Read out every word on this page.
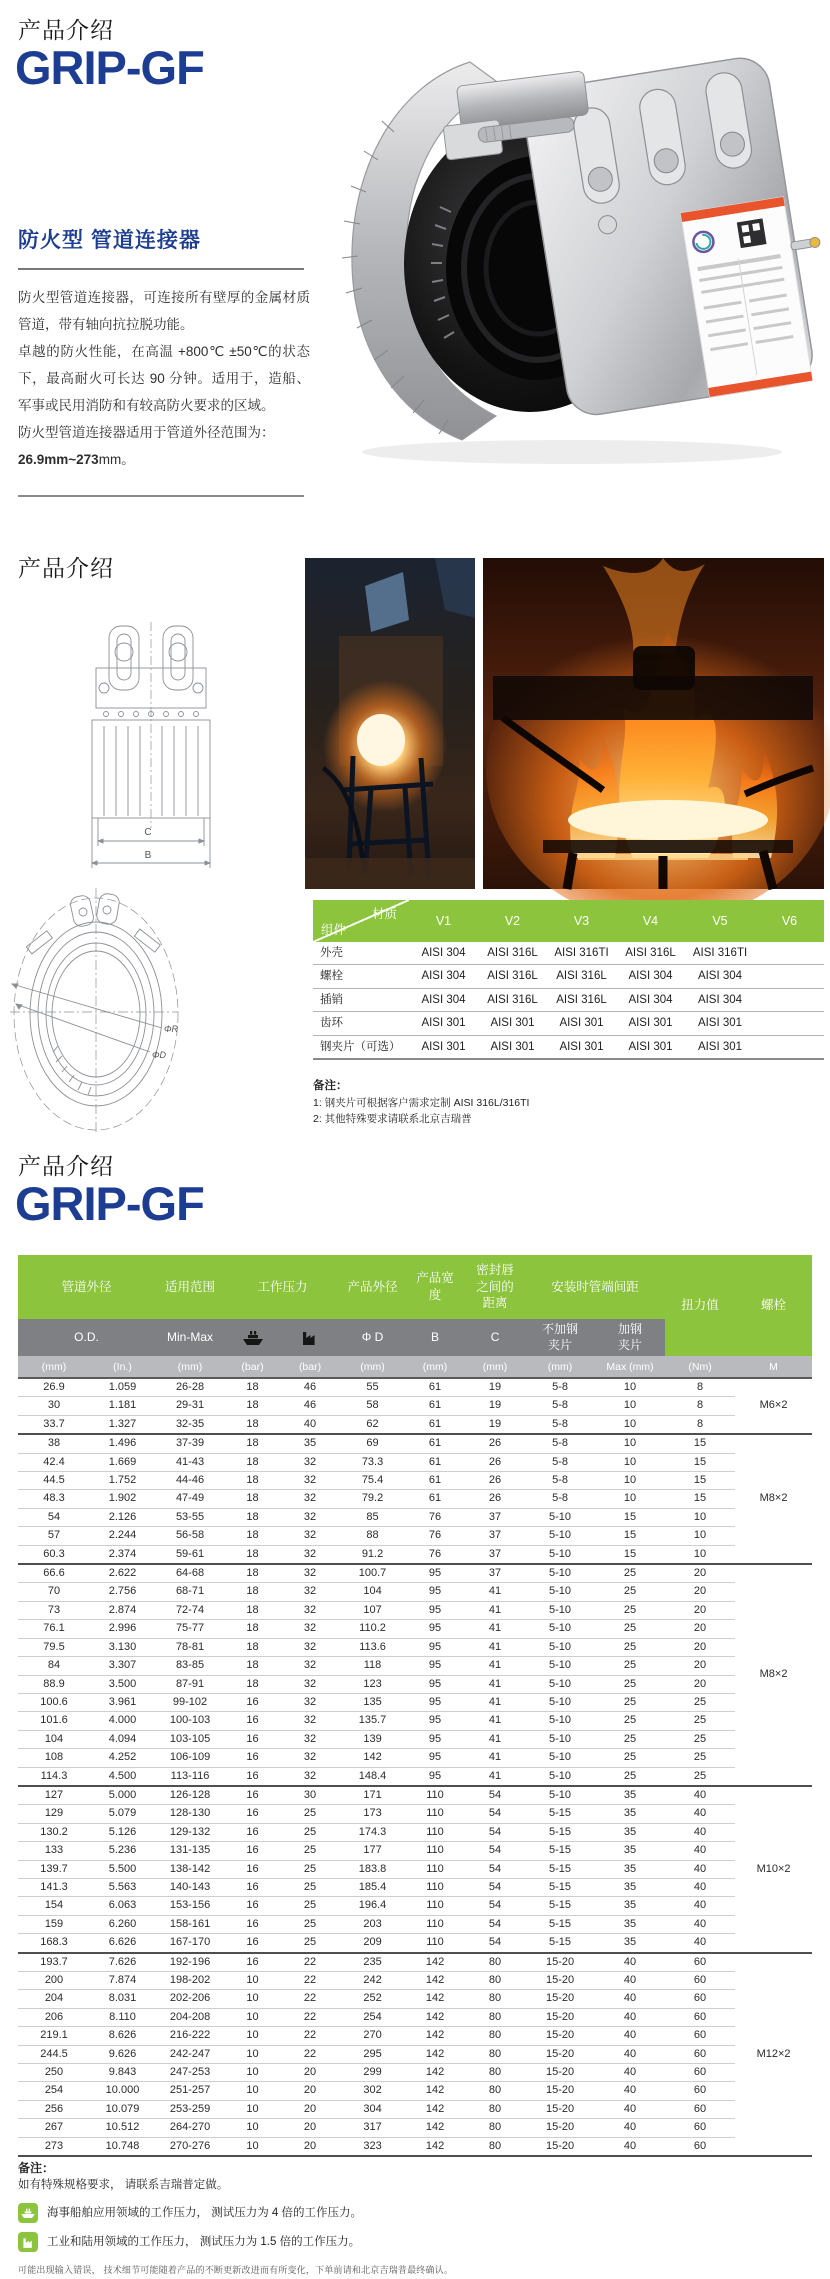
产品介绍
GRIP-GF
防火型 管道连接器

防火型管道连接器，可连接所有壁厚的金属材质管道，带有轴向抗拉脱功能。

卓越的防火性能，在高温 +800℃ ±50℃的状态下，最高耐火可长达 90 分钟。适用于，造船、军事或民用消防和有较高防火要求的区域。

防火型管道连接器适用于管道外径范围为：

26.9mm~273mm。

产品介绍
C
B
ΦR
ΦD
材质
组件	V1	V2	V3	V4	V5	V6
外壳	AISI 304	AISI 316L	AISI 316TI	AISI 316L	AISI 316TI	
螺栓	AISI 304	AISI 316L	AISI 316L	AISI 304	AISI 304	
插销	AISI 304	AISI 316L	AISI 316L	AISI 304	AISI 304	
齿环	AISI 301	AISI 301	AISI 301	AISI 301	AISI 301	
钢夹片（可选）	AISI 301	AISI 301	AISI 301	AISI 301	AISI 301	
备注：
1: 钢夹片可根据客户需求定制 AISI 316L/316TI
2: 其他特殊要求请联系北京吉瑞普
产品介绍
GRIP-GF
管道外径		适用范围	工作压力		产品外径	产品宽度	密封唇之间的距离	安装时管端间距		扭力值	螺栓
O.D.		Min-Max			Φ D	B	C	不加钢夹片	加钢夹片		
(mm)	(In.)	(mm)	(bar)	(bar)	(mm)	(mm)	(mm)	(mm)	Max (mm)	(Nm)	M
26.9	1.059	26-28	18	46	55	61	19	5-8	10	8	M6×2
30	1.181	29-31	18	46	58	61	19	5-8	10	8	
33.7	1.327	32-35	18	40	62	61	19	5-8	10	8	
38	1.496	37-39	18	35	69	61	26	5-8	10	15	M8×2
42.4	1.669	41-43	18	32	73.3	61	26	5-8	10	15	
44.5	1.752	44-46	18	32	75.4	61	26	5-8	10	15	
48.3	1.902	47-49	18	32	79.2	61	26	5-8	10	15	
54	2.126	53-55	18	32	85	76	37	5-10	15	10	
57	2.244	56-58	18	32	88	76	37	5-10	15	10	
60.3	2.374	59-61	18	32	91.2	76	37	5-10	15	10	
66.6	2.622	64-68	18	32	100.7	95	37	5-10	25	20	M8×2
70	2.756	68-71	18	32	104	95	41	5-10	25	20	
73	2.874	72-74	18	32	107	95	41	5-10	25	20	
76.1	2.996	75-77	18	32	110.2	95	41	5-10	25	20	
79.5	3.130	78-81	18	32	113.6	95	41	5-10	25	20	
84	3.307	83-85	18	32	118	95	41	5-10	25	20	
88.9	3.500	87-91	18	32	123	95	41	5-10	25	20	
100.6	3.961	99-102	16	32	135	95	41	5-10	25	25	
101.6	4.000	100-103	16	32	135.7	95	41	5-10	25	25	
104	4.094	103-105	16	32	139	95	41	5-10	25	25	
108	4.252	106-109	16	32	142	95	41	5-10	25	25	
114.3	4.500	113-116	16	32	148.4	95	41	5-10	25	25	
127	5.000	126-128	16	30	171	110	54	5-10	35	40	M10×2
129	5.079	128-130	16	25	173	110	54	5-15	35	40	
130.2	5.126	129-132	16	25	174.3	110	54	5-15	35	40	
133	5.236	131-135	16	25	177	110	54	5-15	35	40	
139.7	5.500	138-142	16	25	183.8	110	54	5-15	35	40	
141.3	5.563	140-143	16	25	185.4	110	54	5-15	35	40	
154	6.063	153-156	16	25	196.4	110	54	5-15	35	40	
159	6.260	158-161	16	25	203	110	54	5-15	35	40	
168.3	6.626	167-170	16	25	209	110	54	5-15	35	40	
193.7	7.626	192-196	16	22	235	142	80	15-20	40	60	M12×2
200	7.874	198-202	10	22	242	142	80	15-20	40	60	
204	8.031	202-206	10	22	252	142	80	15-20	40	60	
206	8.110	204-208	10	22	254	142	80	15-20	40	60	
219.1	8.626	216-222	10	22	270	142	80	15-20	40	60	
244.5	9.626	242-247	10	22	295	142	80	15-20	40	60	
250	9.843	247-253	10	20	299	142	80	15-20	40	60	
254	10.000	251-257	10	20	302	142	80	15-20	40	60	
256	10.079	253-259	10	20	304	142	80	15-20	40	60	
267	10.512	264-270	10	20	317	142	80	15-20	40	60	
273	10.748	270-276	10	20	323	142	80	15-20	40	60	
备注：
如有特殊规格要求， 请联系吉瑞普定做。
海事船舶应用领域的工作压力， 测试压力为 4 倍的工作压力。
工业和陆用领域的工作压力， 测试压力为 1.5 倍的工作压力。
可能出现输入错误， 技术细节可能随着产品的不断更新改进而有所变化，下单前请和北京吉瑞普最终确认。
